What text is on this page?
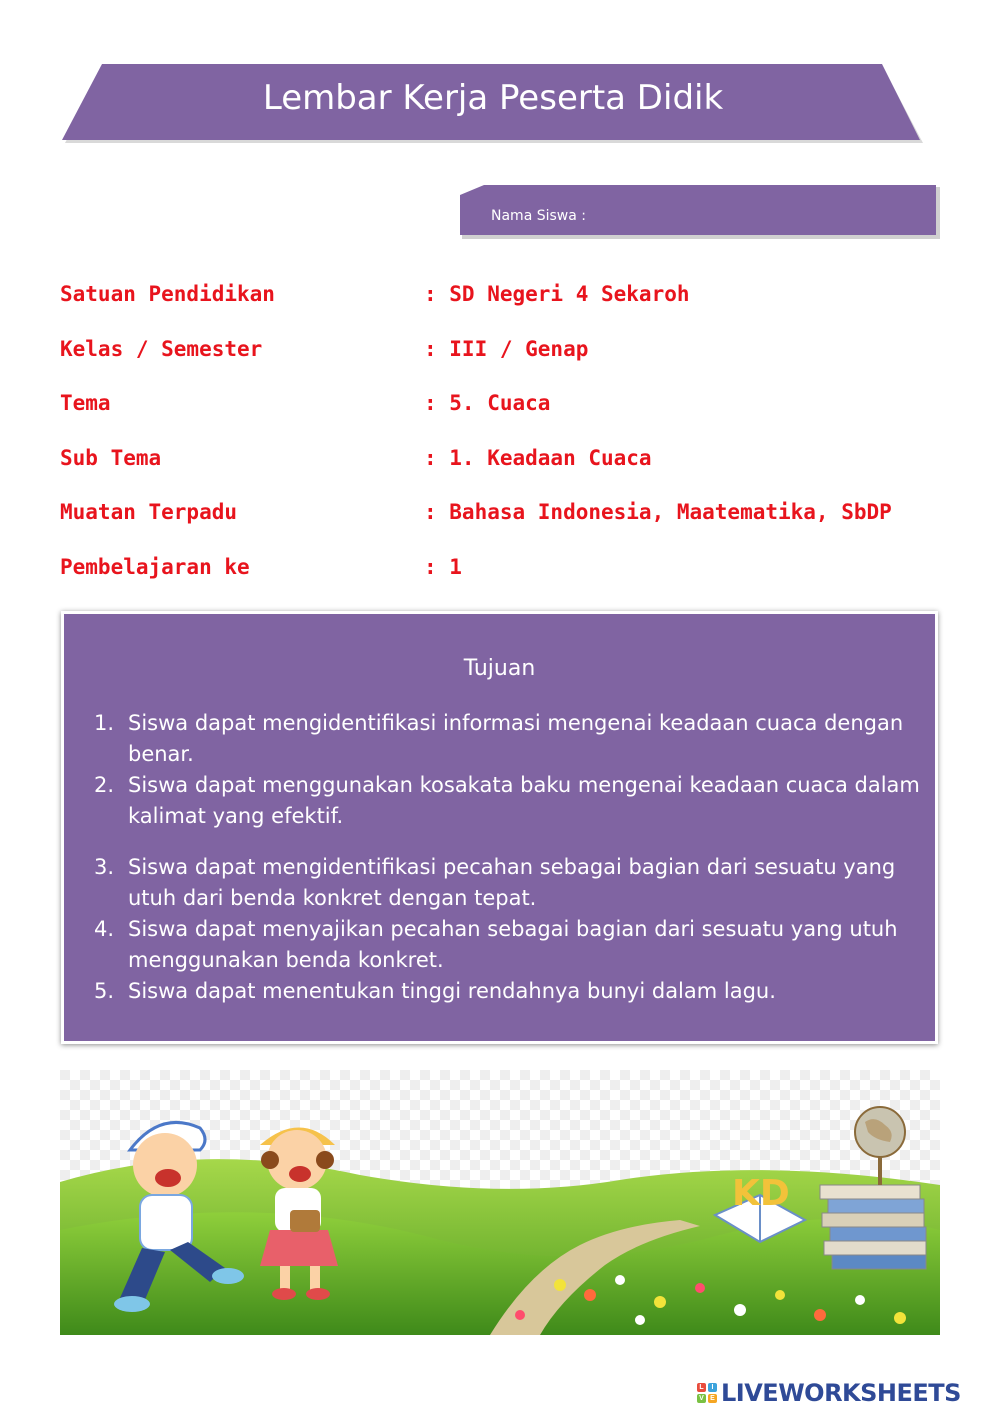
Lembar Kerja Peserta Didik
Nama Siswa :
Satuan Pendidikan	: SD Negeri 4 Sekaroh
Kelas / Semester	: III / Genap
Tema	: 5. Cuaca
Sub Tema	: 1. Keadaan Cuaca
Muatan Terpadu	: Bahasa Indonesia, Maatematika, SbDP
Pembelajaran ke	: 1
Tujuan
1. Siswa dapat mengidentifikasi informasi mengenai keadaan cuaca dengan benar.
2. Siswa dapat menggunakan kosakata baku mengenai keadaan cuaca dalam kalimat yang efektif.
3. Siswa dapat mengidentifikasi pecahan sebagai bagian dari sesuatu yang utuh dari benda konkret dengan tepat.
4. Siswa dapat menyajikan pecahan sebagai bagian dari sesuatu yang utuh menggunakan benda konkret.
5. Siswa dapat menentukan tinggi rendahnya bunyi dalam lagu.
KD
L	I
V E LIVEWORKSHEETS
